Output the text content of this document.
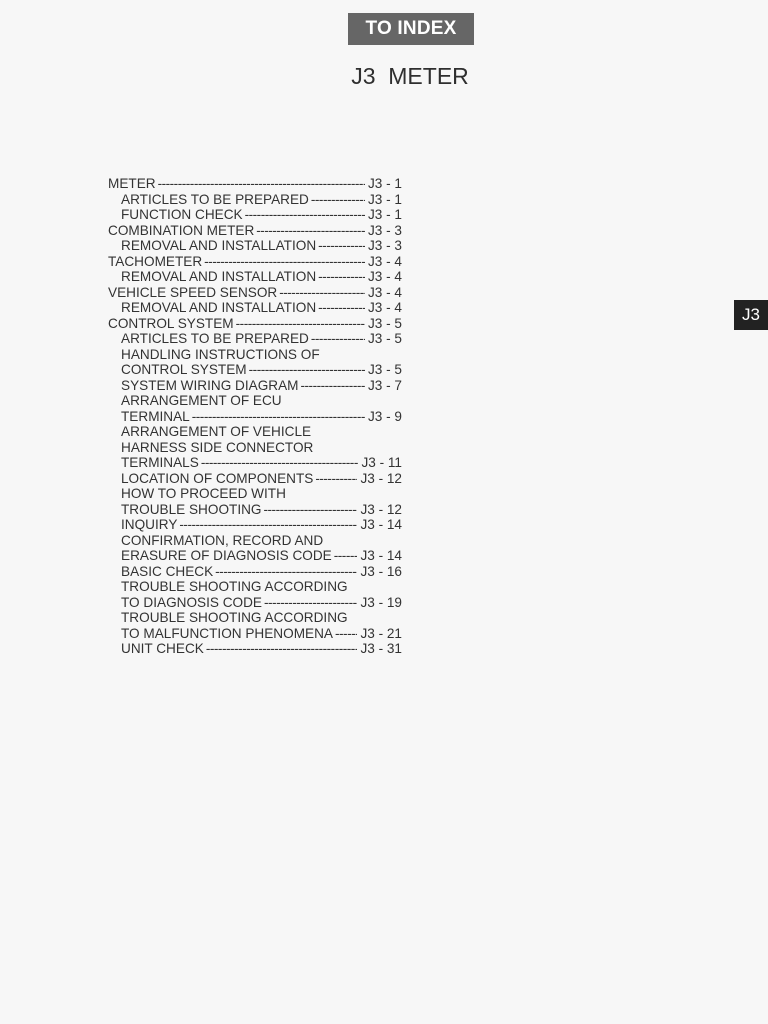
TO INDEX
J3  METER
J3
METER -----	J3 - 1
ARTICLES TO BE PREPARED -----	J3 - 1
FUNCTION CHECK -----	J3 - 1
COMBINATION METER -----	J3 - 3
REMOVAL AND INSTALLATION -----	J3 - 3
TACHOMETER -----	J3 - 4
REMOVAL AND INSTALLATION -----	J3 - 4
VEHICLE SPEED SENSOR -----	J3 - 4
REMOVAL AND INSTALLATION -----	J3 - 4
CONTROL SYSTEM -----	J3 - 5
ARTICLES TO BE PREPARED -----	J3 - 5
HANDLING INSTRUCTIONS OF
CONTROL SYSTEM -----	J3 - 5
SYSTEM WIRING DIAGRAM -----	J3 - 7
ARRANGEMENT OF ECU
TERMINAL -----	J3 - 9
ARRANGEMENT OF VEHICLE
HARNESS SIDE CONNECTOR
TERMINALS -----	J3 - 11
LOCATION OF COMPONENTS -----	J3 - 12
HOW TO PROCEED WITH
TROUBLE SHOOTING -----	J3 - 12
INQUIRY -----	J3 - 14
CONFIRMATION, RECORD AND
ERASURE OF DIAGNOSIS CODE ----- J3 - 14
BASIC CHECK -----	J3 - 16
TROUBLE SHOOTING ACCORDING
TO DIAGNOSIS CODE -----	J3 - 19
TROUBLE SHOOTING ACCORDING
TO MALFUNCTION PHENOMENA ----- J3 - 21
UNIT CHECK -----	J3 - 31
